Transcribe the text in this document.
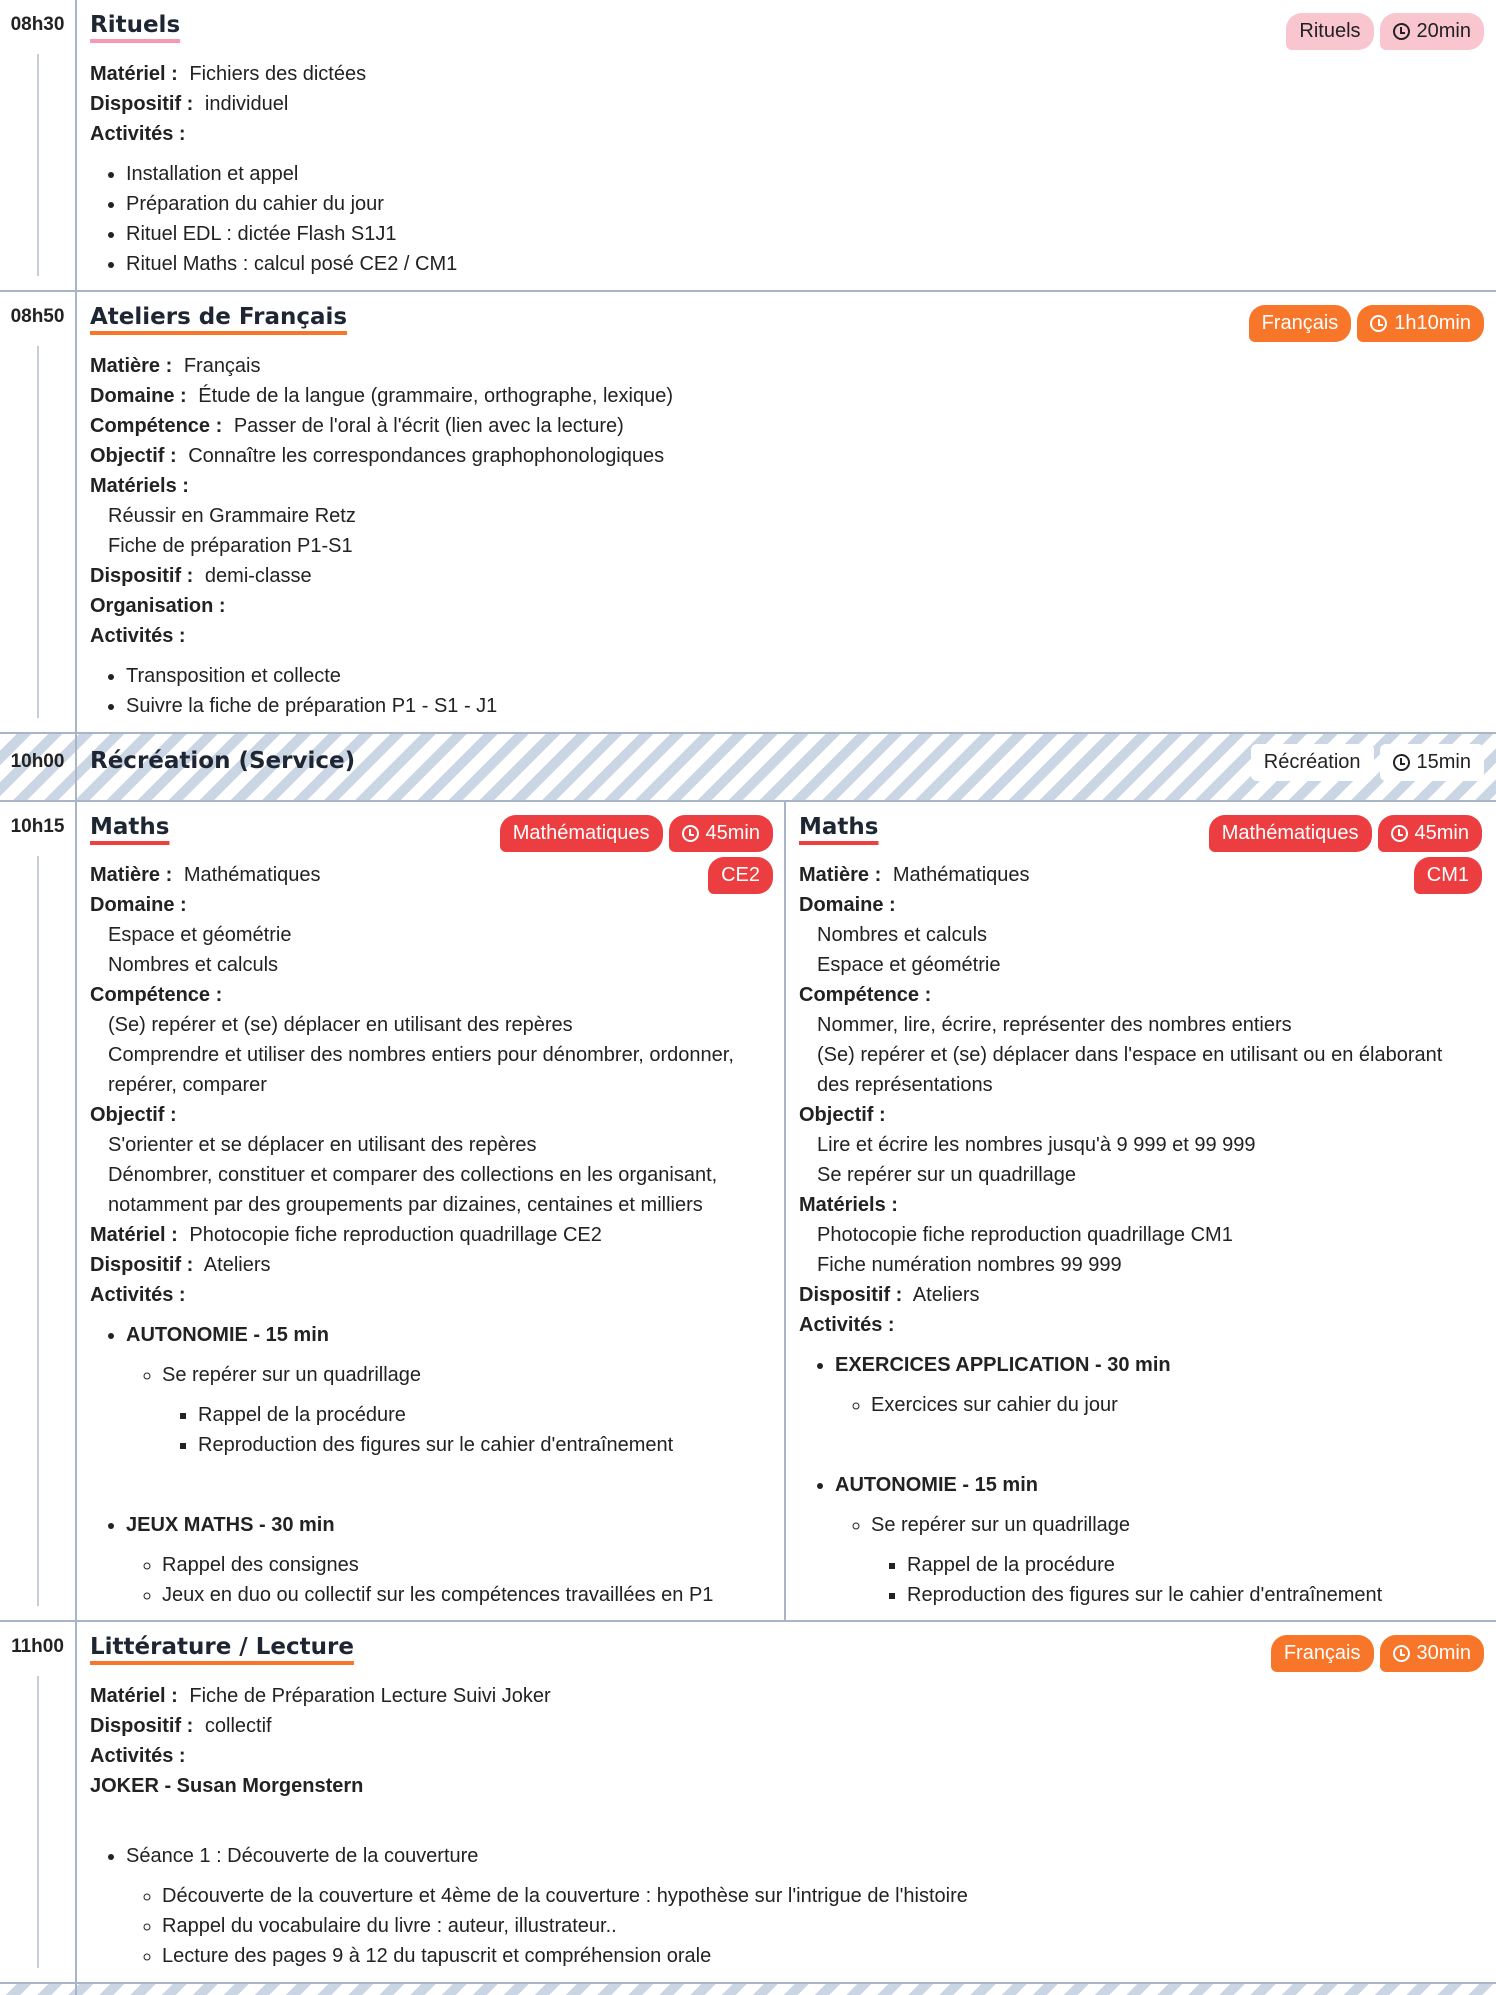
08h30	Rituels	Rituels	20min
Matériel : Fichiers des dictées
Dispositif : individuel
Activités :
• Installation et appel
• Préparation du cahier du jour
• Rituel EDL : dictée Flash S1J1
• Rituel Maths : calcul posé CE2 / CM1
08h50	Ateliers de Français	Français	1h10min
Matière : Français
Domaine : Étude de la langue (grammaire, orthographe, lexique)
Compétence : Passer de l'oral à l'écrit (lien avec la lecture)
Objectif : Connaître les correspondances graphophonologiques
Matériels :
Réussir en Grammaire Retz
Fiche de préparation P1-S1
Dispositif : demi-classe
Organisation :
Activités :
• Transposition et collecte
• Suivre la fiche de préparation P1 - S1 - J1
10h00	Récréation (Service)	Récréation	15min
10h15	Maths	Mathématiques	45min
CE2
Matière : Mathématiques
Domaine :
Espace et géométrie
Nombres et calculs
Compétence :
(Se) repérer et (se) déplacer en utilisant des repères
Comprendre et utiliser des nombres entiers pour dénombrer, ordonner,
repérer, comparer
Objectif :
S'orienter et se déplacer en utilisant des repères
Dénombrer, constituer et comparer des collections en les organisant,
notamment par des groupements par dizaines, centaines et milliers
Matériel : Photocopie fiche reproduction quadrillage CE2
Dispositif : Ateliers
Activités :
• AUTONOMIE - 15 min
◦ Se repérer sur un quadrillage
▪ Rappel de la procédure
▪ Reproduction des figures sur le cahier d'entraînement
• JEUX MATHS - 30 min
◦ Rappel des consignes
◦ Jeux en duo ou collectif sur les compétences travaillées en P1
Maths	Mathématiques	45min
CM1
Matière : Mathématiques
Domaine :
Nombres et calculs
Espace et géométrie
Compétence :
Nommer, lire, écrire, représenter des nombres entiers
(Se) repérer et (se) déplacer dans l'espace en utilisant ou en élaborant
des représentations
Objectif :
Lire et écrire les nombres jusqu'à 9 999 et 99 999
Se repérer sur un quadrillage
Matériels :
Photocopie fiche reproduction quadrillage CM1
Fiche numération nombres 99 999
Dispositif : Ateliers
Activités :
• EXERCICES APPLICATION - 30 min
◦ Exercices sur cahier du jour
• AUTONOMIE - 15 min
◦ Se repérer sur un quadrillage
▪ Rappel de la procédure
▪ Reproduction des figures sur le cahier d'entraînement
11h00	Littérature / Lecture	Français	30min
Matériel : Fiche de Préparation Lecture Suivi Joker
Dispositif : collectif
Activités :
JOKER - Susan Morgenstern
• Séance 1 : Découverte de la couverture
◦ Découverte de la couverture et 4ème de la couverture : hypothèse sur l'intrigue de l'histoire
◦ Rappel du vocabulaire du livre : auteur, illustrateur..
◦ Lecture des pages 9 à 12 du tapuscrit et compréhension orale
